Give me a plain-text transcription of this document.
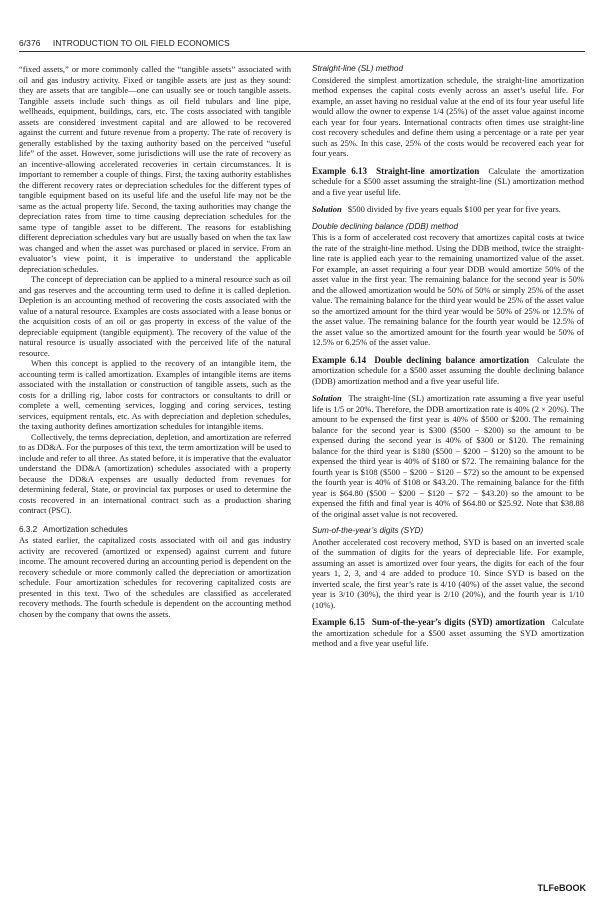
6/376 INTRODUCTION TO OIL FIELD ECONOMICS

“fixed assets,” or more commonly called the “tangible assets” associated with oil and gas industry activity. Fixed or tangible assets are just as they sound: they are assets that are tangible—one can usually see or touch tangible assets. Tangible assets include such things as oil field tubulars and line pipe, wellheads, equipment, buildings, cars, etc. The costs associated with tangible assets are considered investment capital and are allowed to be recovered against the current and future revenue from a property. The rate of recovery is generally established by the taxing authority based on the perceived “useful life” of the asset. However, some jurisdictions will use the rate of recovery as an incentive-allowing accelerated recoveries in certain circumstances. It is important to remember a couple of things. First, the taxing authority establishes the different recovery rates or depreciation schedules for the different types of tangible equipment based on its useful life and the useful life may not be the same as the actual property life. Second, the taxing authorities may change the depreciation rates from time to time causing depreciation schedules for the same type of tangible asset to be different. The reasons for establishing different depreciation schedules vary but are usually based on when the tax law was changed and when the asset was purchased or placed in service. From an evaluator’s view point, it is imperative to understand the applicable depreciation schedules.

The concept of depreciation can be applied to a mineral resource such as oil and gas reserves and the accounting term used to define it is called depletion. Depletion is an accounting method of recovering the costs associated with the value of a natural resource. Examples are costs associated with a lease bonus or the acquisition costs of an oil or gas property in excess of the value of the depreciable equipment (tangible equipment). The recovery of the value of the natural resource is usually associated with the perceived life of the natural resource.

When this concept is applied to the recovery of an intangible item, the accounting term is called amortization. Examples of intangible items are items associated with the installation or construction of tangible assets, such as the costs for a drilling rig, labor costs for contractors or consultants to drill or complete a well, cementing services, logging and coring services, testing services, equipment rentals, etc. As with depreciation and depletion schedules, the taxing authority defines amortization schedules for intangible items.

Collectively, the terms depreciation, depletion, and amortization are referred to as DD&A. For the purposes of this text, the term amortization will be used to include and refer to all three. As stated before, it is imperative that the evaluator understand the DD&A (amortization) schedules associated with a property because the DD&A expenses are usually deducted from revenues for determining federal, State, or provincial tax purposes or used to determine the costs recovered in an international contract such as a production sharing contract (PSC).

6.3.2 Amortization schedules

As stated earlier, the capitalized costs associated with oil and gas industry activity are recovered (amortized or expensed) against current and future income. The amount recovered during an accounting period is dependent on the recovery schedule or more commonly called the depreciation or amortization schedule. Four amortization schedules for recovering capitalized costs are presented in this text. Two of the schedules are classified as accelerated recovery methods. The fourth schedule is dependent on the accounting method chosen by the company that owns the assets.

Straight-line (SL) method

Considered the simplest amortization schedule, the straight-line amortization method expenses the capital costs evenly across an asset’s useful life. For example, an asset having no residual value at the end of its four year useful life would allow the owner to expense 1/4 (25%) of the asset value against income each year for four years. International contracts often times use straight-line cost recovery schedules and define them using a percentage or a rate per year such as 25%. In this case, 25% of the costs would be recovered each year for four years.

Example 6.13 Straight-line amortization Calculate the amortization schedule for a $500 asset assuming the straight-line (SL) amortization method and a five year useful life.

Solution $500 divided by five years equals $100 per year for five years.

Double declining balance (DDB) method

This is a form of accelerated cost recovery that amortizes capital costs at twice the rate of the straight-line method. Using the DDB method, twice the straight-line rate is applied each year to the remaining unamortized value of the asset. For example, an asset requiring a four year DDB would amortize 50% of the asset value in the first year. The remaining balance for the second year is 50% and the allowed amortization would be 50% of 50% or simply 25% of the asset value. The remaining balance for the third year would be 25% of the asset value so the amortized amount for the third year would be 50% of 25% or 12.5% of the asset value. The remaining balance for the fourth year would be 12.5% of the asset value so the amortized amount for the fourth year would be 50% of 12.5% or 6.25% of the asset value.

Example 6.14 Double declining balance amortization Calculate the amortization schedule for a $500 asset assuming the double declining balance (DDB) amortization method and a five year useful life.

Solution The straight-line (SL) amortization rate assuming a five year useful life is 1/5 or 20%. Therefore, the DDB amortization rate is 40% (2 × 20%). The amount to be expensed the first year is 40% of $500 or $200. The remaining balance for the second year is $300 ($500 − $200) so the amount to be expensed during the second year is 40% of $300 or $120. The remaining balance for the third year is $180 ($500 − $200 − $120) so the amount to be expensed the third year is 40% of $180 or $72. The remaining balance for the fourth year is $108 ($500 − $200 − $120 − $72) so the amount to be expensed the fourth year is 40% of $108 or $43.20. The remaining balance for the fifth year is $64.80 ($500 − $200 − $120 − $72 − $43.20) so the amount to be expensed the fifth and final year is 40% of $64.80 or $25.92. Note that $38.88 of the original asset value is not recovered.

Sum-of-the-year’s digits (SYD)

Another accelerated cost recovery method, SYD is based on an inverted scale of the summation of digits for the years of depreciable life. For example, assuming an asset is amortized over four years, the digits for each of the four years 1, 2, 3, and 4 are added to produce 10. Since SYD is based on the inverted scale, the first year’s rate is 4/10 (40%) of the asset value, the second year is 3/10 (30%), the third year is 2/10 (20%), and the fourth year is 1/10 (10%).

Example 6.15 Sum-of-the-year’s digits (SYD) amortization Calculate the amortization schedule for a $500 asset assuming the SYD amortization method and a five year useful life.

TLFeBOOK
